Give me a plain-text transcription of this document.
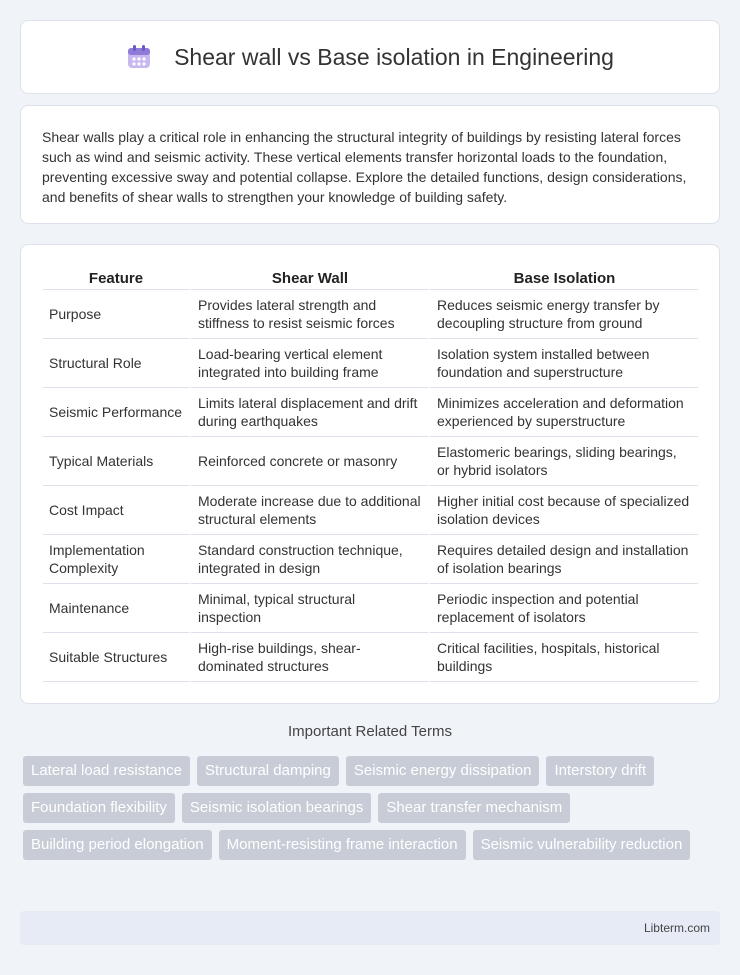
Shear wall vs Base isolation in Engineering

Shear walls play a critical role in enhancing the structural integrity of buildings by resisting lateral forces such as wind and seismic activity. These vertical elements transfer horizontal loads to the foundation, preventing excessive sway and potential collapse. Explore the detailed functions, design considerations, and benefits of shear walls to strengthen your knowledge of building safety.

Feature	Shear Wall	Base Isolation
Purpose	Provides lateral strength and stiffness to resist seismic forces	Reduces seismic energy transfer by decoupling structure from ground
Structural Role	Load-bearing vertical element integrated into building frame	Isolation system installed between foundation and superstructure
Seismic Performance	Limits lateral displacement and drift during earthquakes	Minimizes acceleration and deformation experienced by superstructure
Typical Materials	Reinforced concrete or masonry	Elastomeric bearings, sliding bearings, or hybrid isolators
Cost Impact	Moderate increase due to additional structural elements	Higher initial cost because of specialized isolation devices
Implementation Complexity	Standard construction technique, integrated in design	Requires detailed design and installation of isolation bearings
Maintenance	Minimal, typical structural inspection	Periodic inspection and potential replacement of isolators
Suitable Structures	High-rise buildings, shear-dominated structures	Critical facilities, hospitals, historical buildings
Important Related Terms
Lateral load resistance	Structural damping	Seismic energy dissipation	Interstory drift
Foundation flexibility	Seismic isolation bearings	Shear transfer mechanism
Building period elongation	Moment-resisting frame interaction	Seismic vulnerability reduction
Libterm.com
